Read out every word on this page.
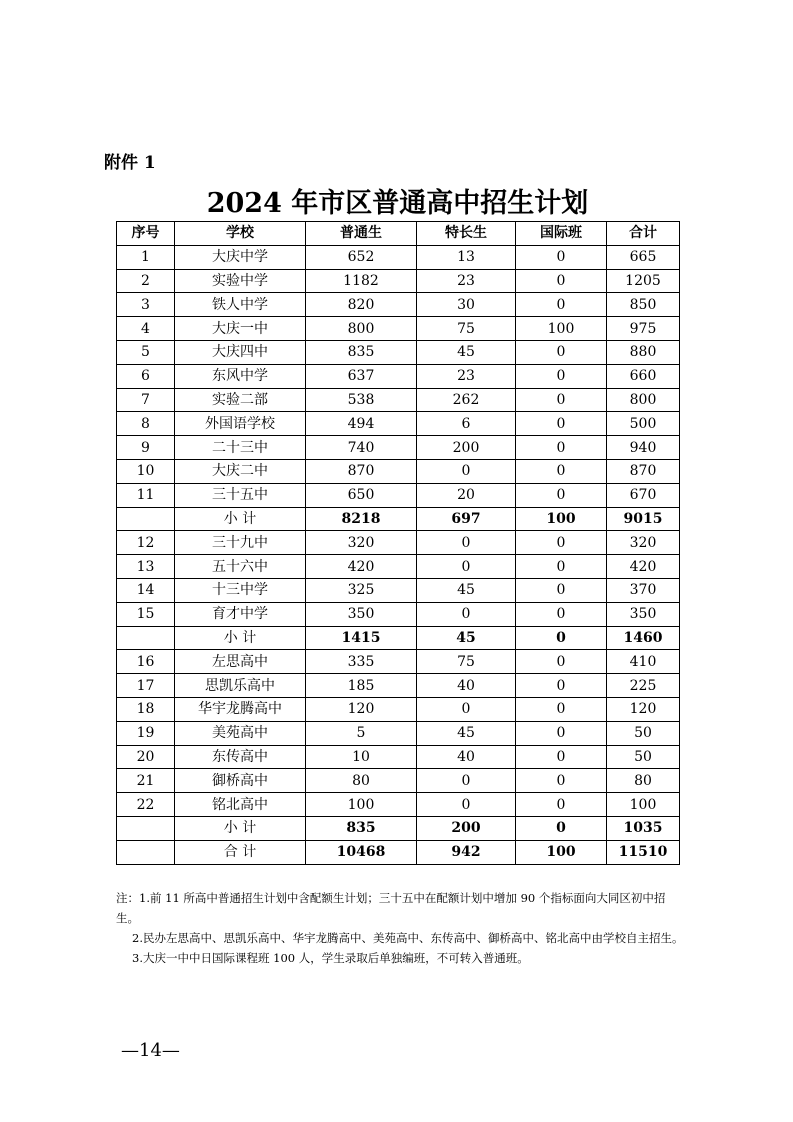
附件 1
2024 年市区普通高中招生计划
序号	学校	普通生	特长生	国际班	合计
1	大庆中学	652	13	0	665
2	实验中学	1182	23	0	1205
3	铁人中学	820	30	0	850
4	大庆一中	800	75	100	975
5	大庆四中	835	45	0	880
6	东风中学	637	23	0	660
7	实验二部	538	262	0	800
8	外国语学校	494	6	0	500
9	二十三中	740	200	0	940
10	大庆二中	870	0	0	870
11	三十五中	650	20	0	670
	小 计	8218	697	100	9015
12	三十九中	320	0	0	320
13	五十六中	420	0	0	420
14	十三中学	325	45	0	370
15	育才中学	350	0	0	350
	小 计	1415	45	0	1460
16	左思高中	335	75	0	410
17	思凯乐高中	185	40	0	225
18	华宇龙腾高中	120	0	0	120
19	美苑高中	5	45	0	50
20	东传高中	10	40	0	50
21	御桥高中	80	0	0	80
22	铭北高中	100	0	0	100
	小 计	835	200	0	1035
	合 计	10468	942	100	11510

注：1.前 11 所高中普通招生计划中含配额生计划；三十五中在配额计划中增加 90 个指标面向大同区初中招生。

2.民办左思高中、思凯乐高中、华宇龙腾高中、美苑高中、东传高中、御桥高中、铭北高中由学校自主招生。

3.大庆一中中日国际课程班 100 人，学生录取后单独编班，不可转入普通班。

—14—
